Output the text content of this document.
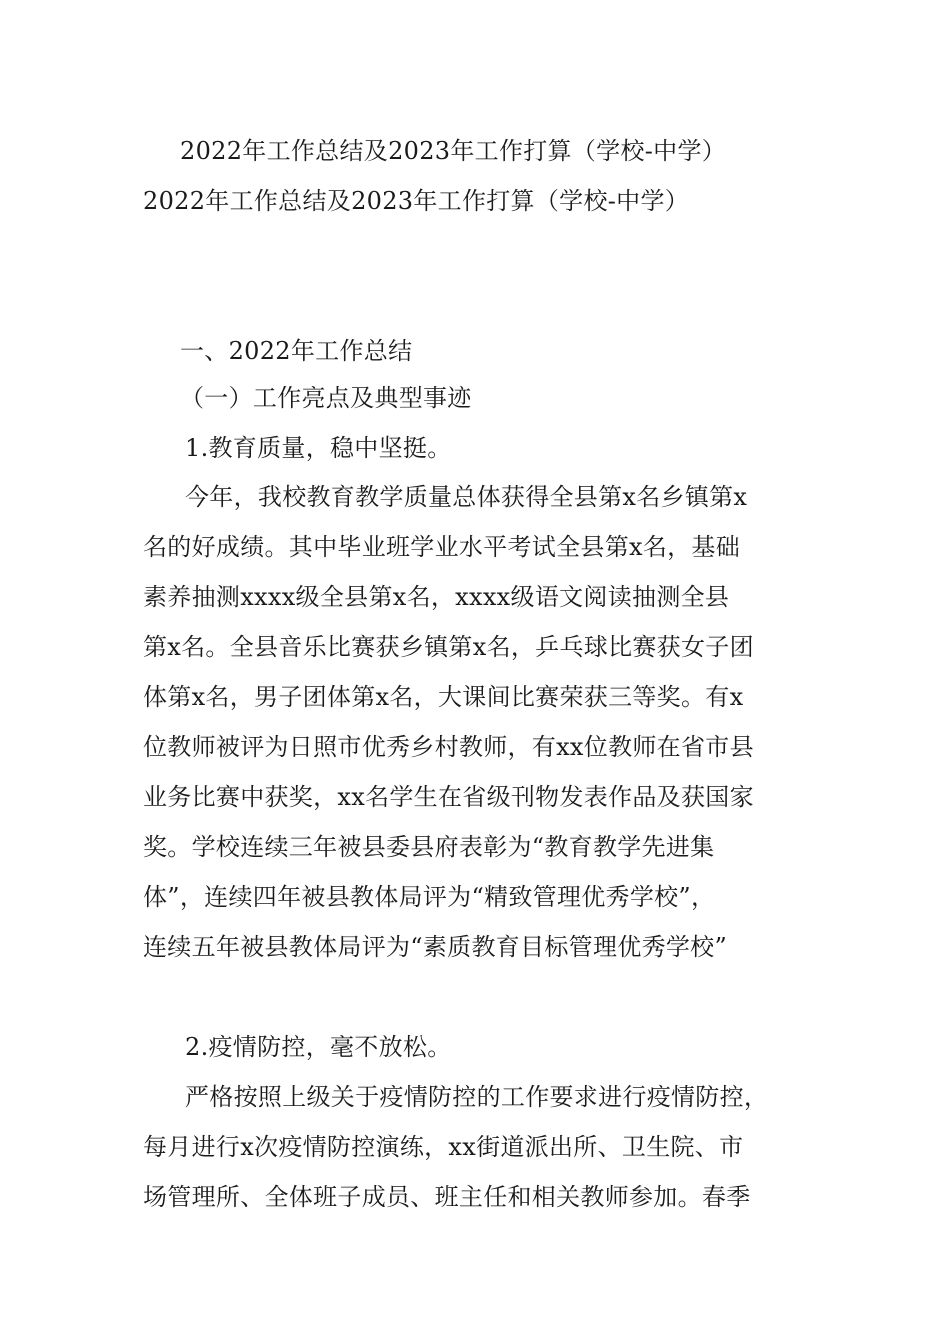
2022年工作总结及2023年工作打算（学校-中学）
2022年工作总结及2023年工作打算（学校-中学）
一、2022年工作总结
（一）工作亮点及典型事迹
1.教育质量，稳中坚挺。
今年，我校教育教学质量总体获得全县第x名乡镇第x
名的好成绩。其中毕业班学业水平考试全县第x名，基础
素养抽测xxxx级全县第x名，xxxx级语文阅读抽测全县
第x名。全县音乐比赛获乡镇第x名，乒乓球比赛获女子团
体第x名，男子团体第x名，大课间比赛荣获三等奖。有x
位教师被评为日照市优秀乡村教师，有xx位教师在省市县
业务比赛中获奖，xx名学生在省级刊物发表作品及获国家
奖。学校连续三年被县委县府表彰为“教育教学先进集
体”，连续四年被县教体局评为“精致管理优秀学校”，
连续五年被县教体局评为“素质教育目标管理优秀学校”
2.疫情防控，毫不放松。
严格按照上级关于疫情防控的工作要求进行疫情防控，
每月进行x次疫情防控演练，xx街道派出所、卫生院、市
场管理所、全体班子成员、班主任和相关教师参加。春季
